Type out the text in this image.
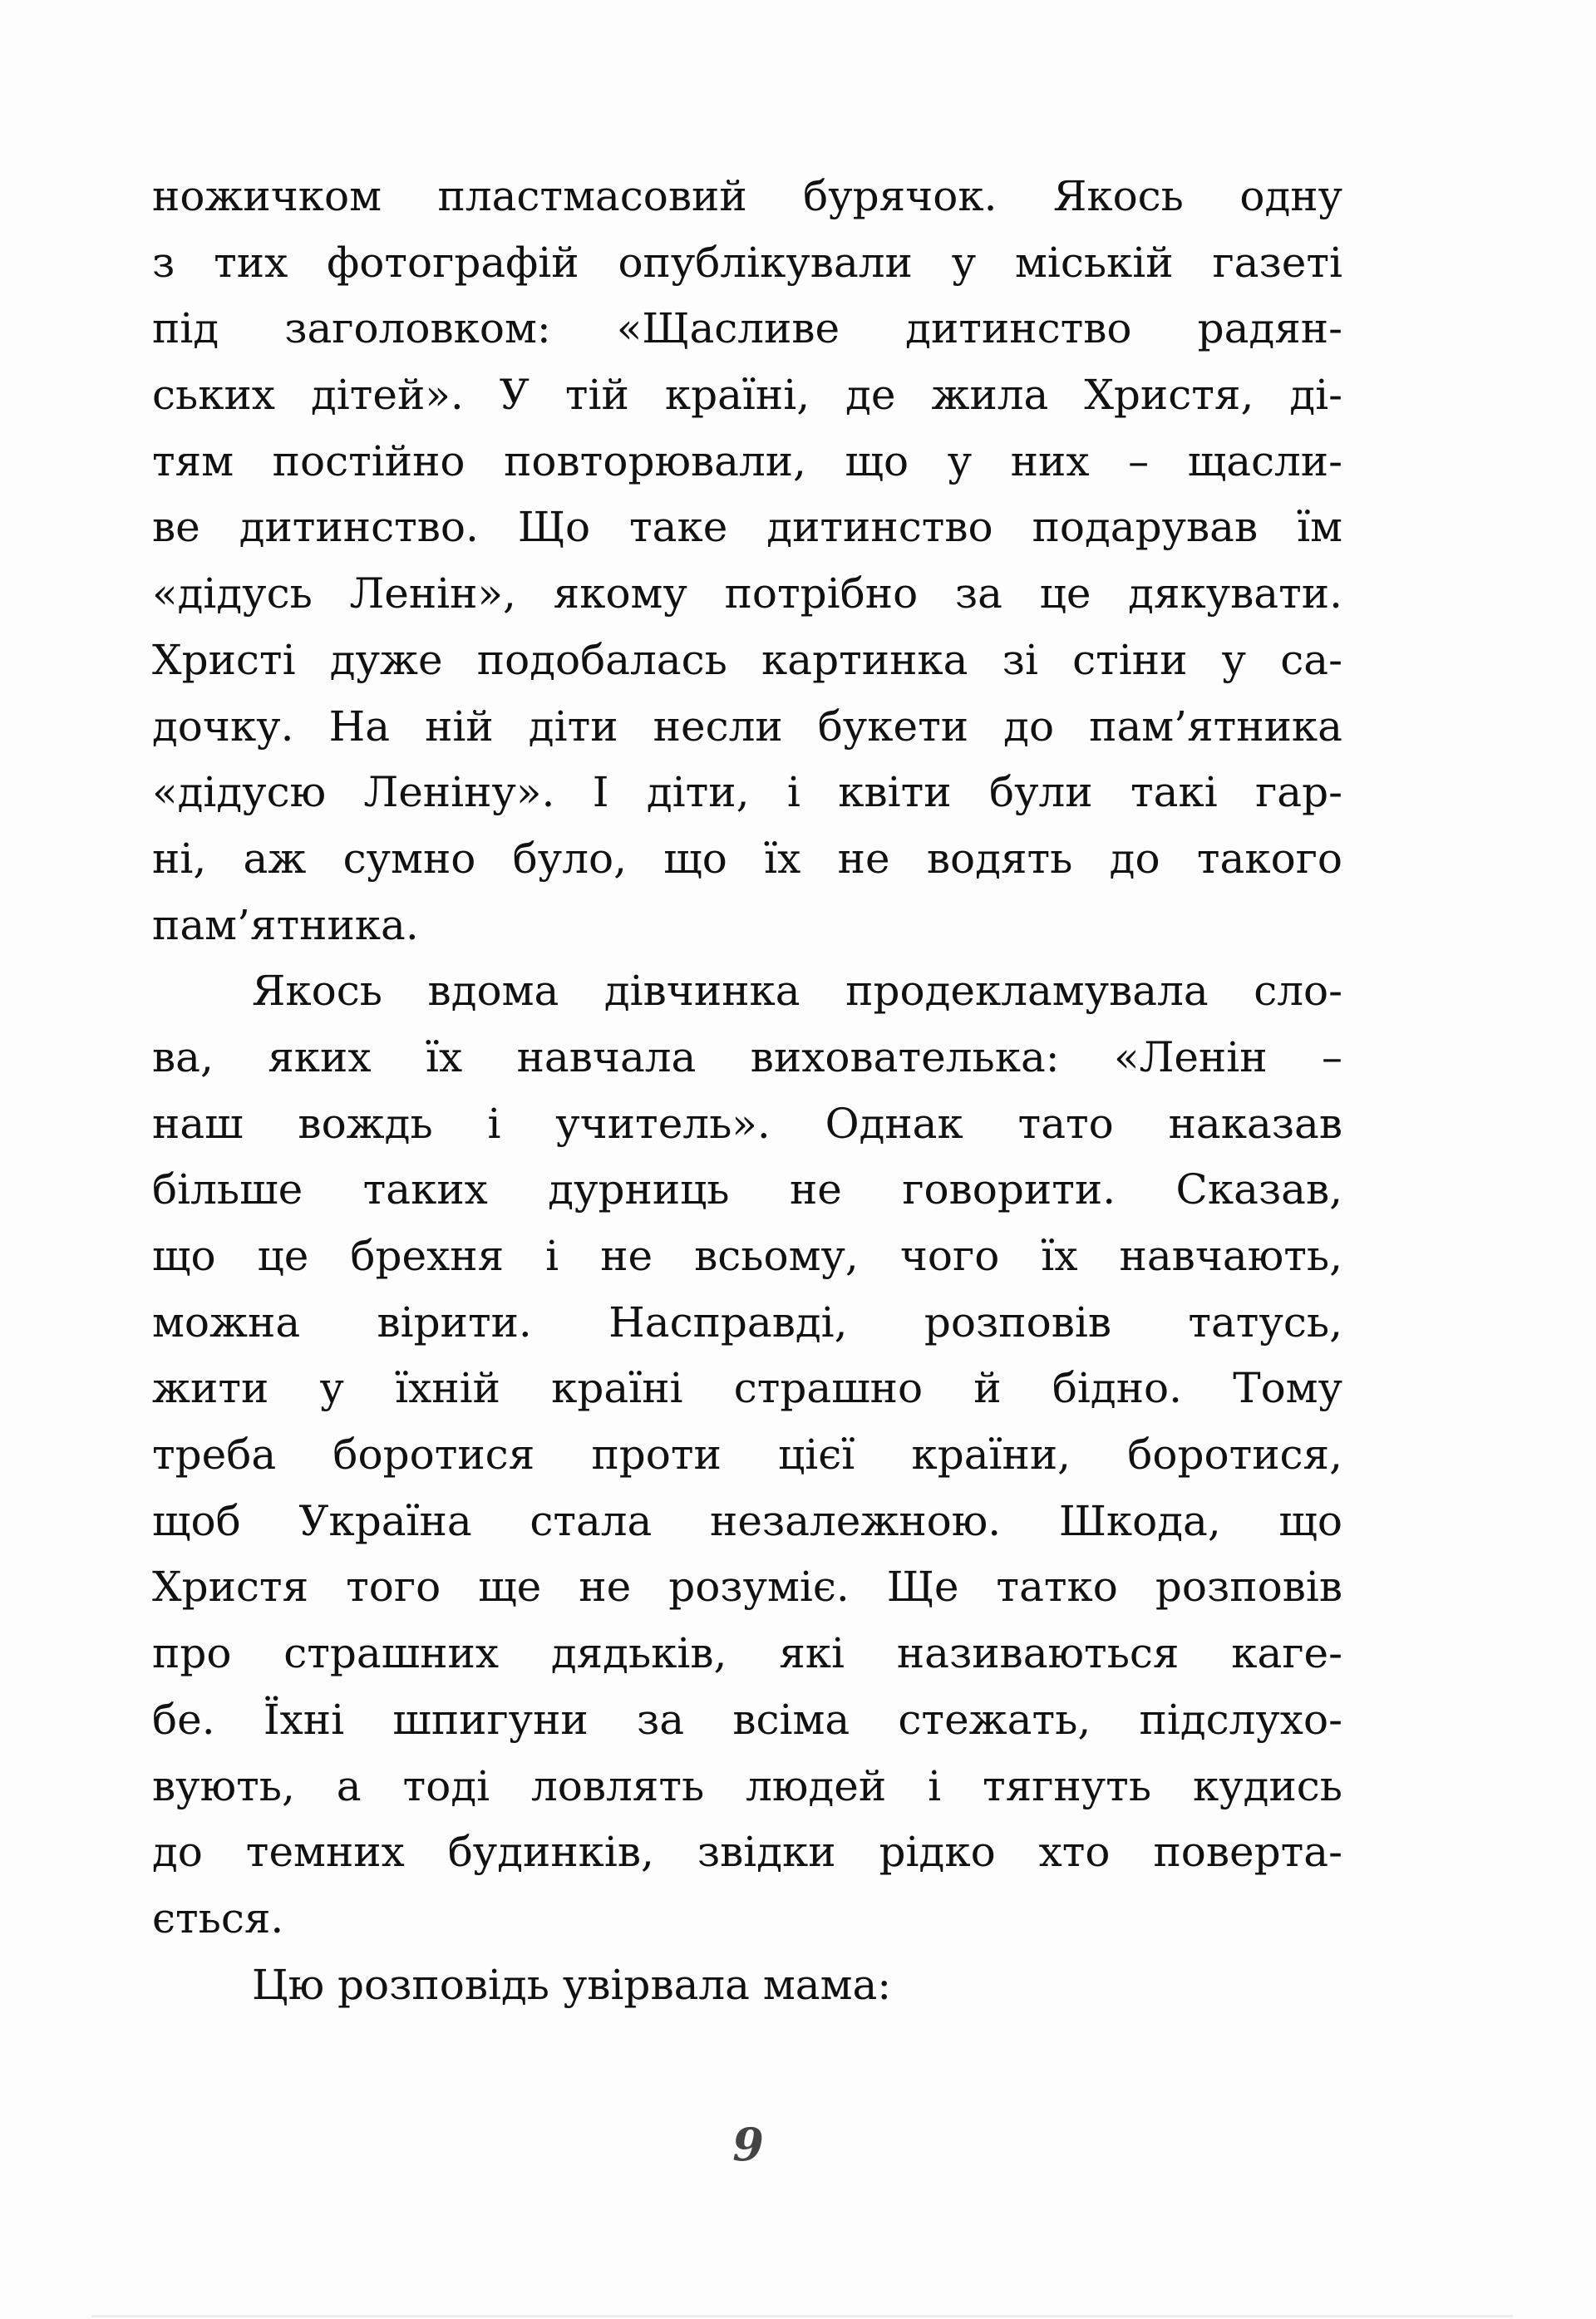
ножичком пластмасовий бурячок. Якось одну
з тих фотографій опублікували у міській газеті
під заголовком: «Щасливе дитинство радян-
ських дітей». У тій країні, де жила Христя, ді-
тям постійно повторювали, що у них – щасли-
ве дитинство. Що таке дитинство подарував їм
«дідусь Ленін», якому потрібно за це дякувати.
Христі дуже подобалась картинка зі стіни у са-
дочку. На ній діти несли букети до пам’ятника
«дідусю Леніну». І діти, і квіти були такі гар-
ні, аж сумно було, що їх не водять до такого
пам’ятника.
Якось вдома дівчинка продекламувала сло-
ва, яких їх навчала вихователька: «Ленін –
наш вождь і учитель». Однак тато наказав
більше таких дурниць не говорити. Сказав,
що це брехня і не всьому, чого їх навчають,
можна вірити. Насправді, розповів татусь,
жити у їхній країні страшно й бідно. Тому
треба боротися проти цієї країни, боротися,
щоб Україна стала незалежною. Шкода, що
Христя того ще не розуміє. Ще татко розповів
про страшних дядьків, які називаються каге-
бе. Їхні шпигуни за всіма стежать, підслухо-
вують, а тоді ловлять людей і тягнуть кудись
до темних будинків, звідки рідко хто поверта-
ється.
Цю розповідь увірвала мама:
9
